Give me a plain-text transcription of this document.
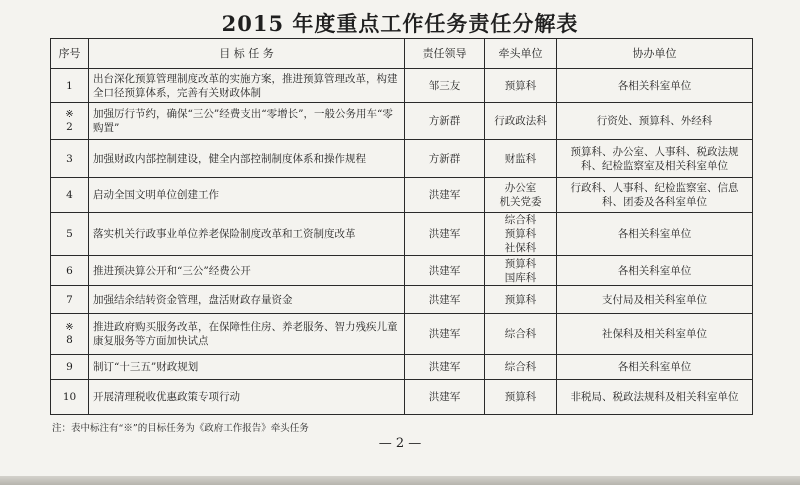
2015 年度重点工作任务责任分解表
序号	目 标 任 务	责任领导	牵头单位	协办单位
1	出台深化预算管理制度改革的实施方案，推进预算管理改革，构建全口径预算体系，完善有关财政体制	邹三友	预算科	各相关科室单位

※
2	加强厉行节约，确保“三公”经费支出“零增长”，一般公务用车“零购置”	方新群	行政政法科	行资处、预算科、外经科
3	加强财政内部控制建设，健全内部控制制度体系和操作规程	方新群	财监科	预算科、办公室、人事科、税政法规科、纪检监察室及相关科室单位
4	启动全国文明单位创建工作	洪建军	办公室
机关党委	行政科、人事科、纪检监察室、信息科、团委及各科室单位
5	落实机关行政事业单位养老保险制度改革和工资制度改革	洪建军	综合科
预算科
社保科	各相关科室单位
6	推进预决算公开和“三公”经费公开	洪建军	预算科
国库科	各相关科室单位
7	加强结余结转资金管理，盘活财政存量资金	洪建军	预算科	支付局及相关科室单位

※
8	推进政府购买服务改革，在保障性住房、养老服务、智力残疾儿童康复服务等方面加快试点	洪建军	综合科	社保科及相关科室单位
9	制订“十三五”财政规划	洪建军	综合科	各相关科室单位
10	开展清理税收优惠政策专项行动	洪建军	预算科	非税局、税政法规科及相关科室单位
注：表中标注有“※”的目标任务为《政府工作报告》牵头任务
— 2 —
